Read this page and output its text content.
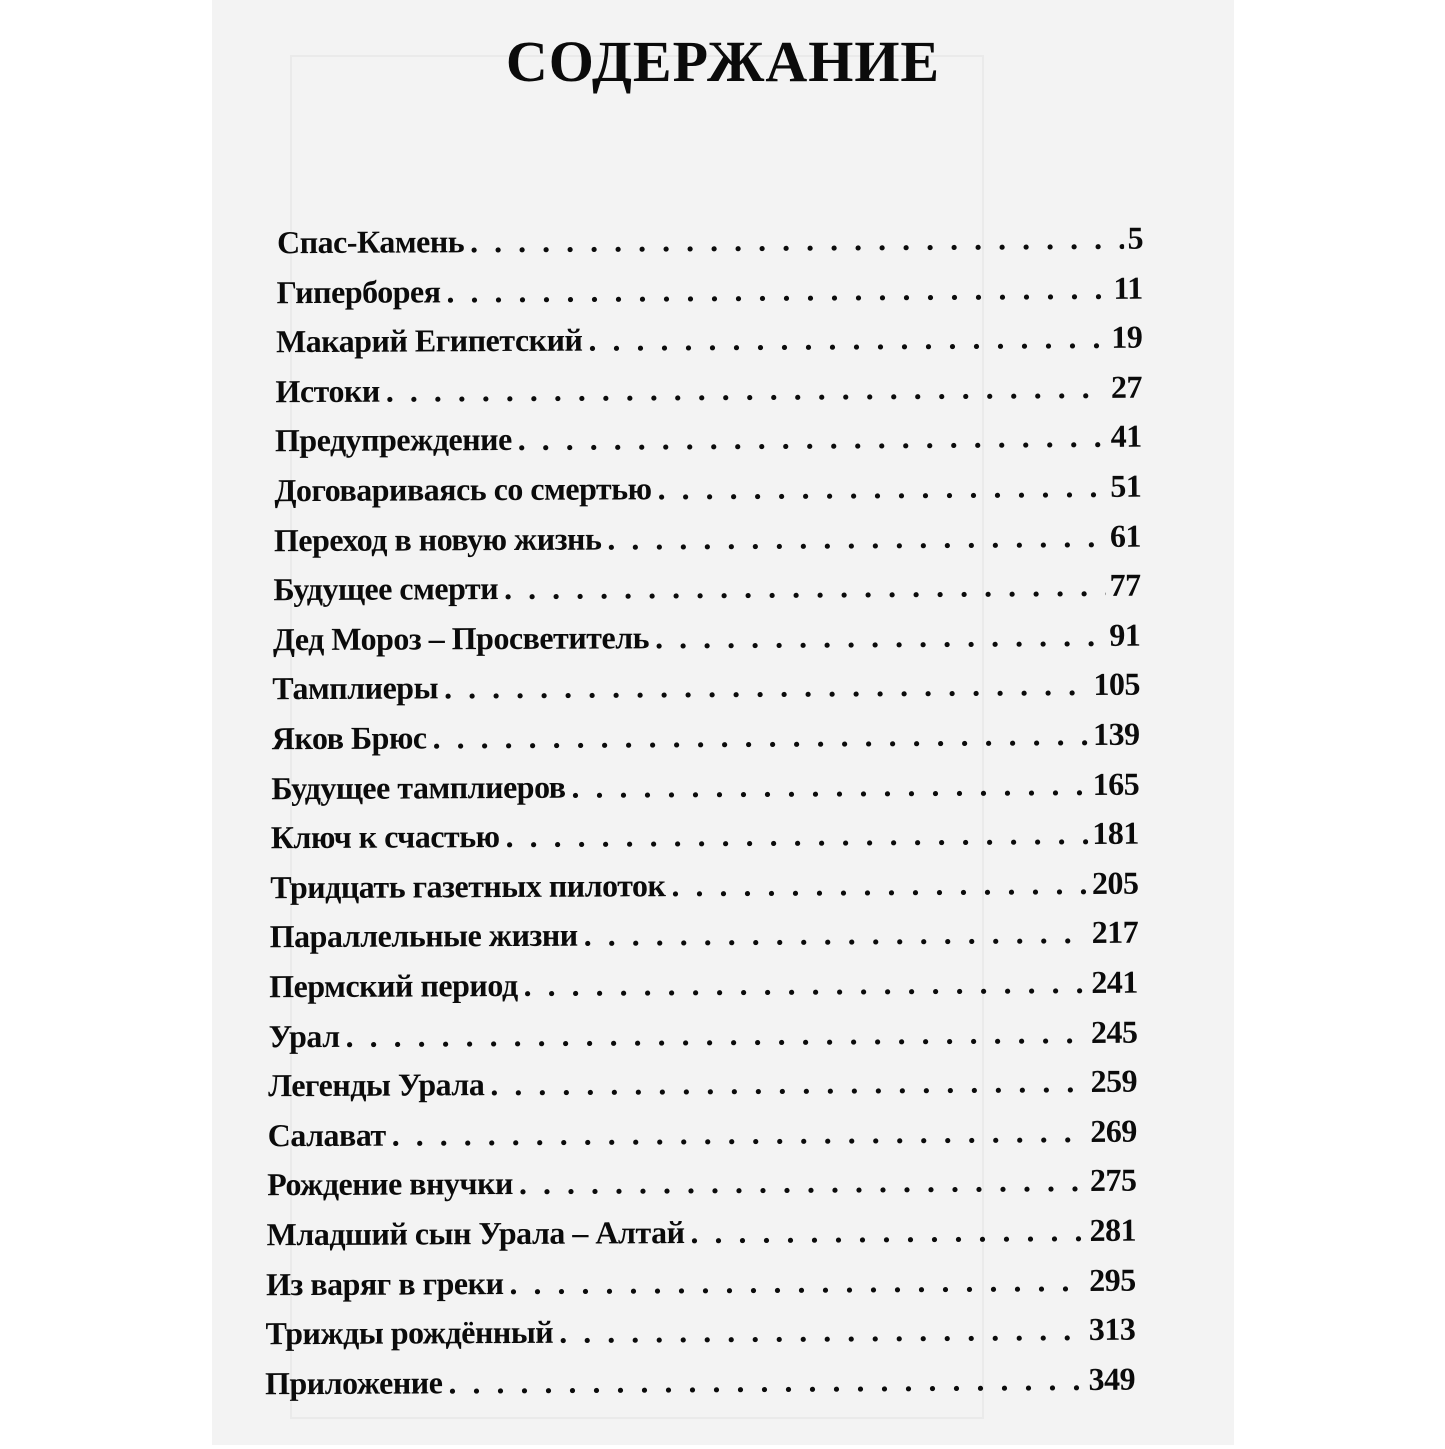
СОДЕРЖАНИЕ
Спас-Камень . . .	5
Гиперборея . . .	11
Макарий Египетский . . .	19
Истоки . . .	27
Предупреждение . . .	41
Договариваясь со смертью . . .	51
Переход в новую жизнь . . .	61
Будущее смерти . . .	77
Дед Мороз – Просветитель . . .	91
Тамплиеры . . .	105
Яков Брюс . . .	139
Будущее тамплиеров . . .	165
Ключ к счастью . . .	181
Тридцать газетных пилоток . . .	205
Параллельные жизни . . .	217
Пермский период . . .	241
Урал . . .	245
Легенды Урала . . .	259
Салават . . .	269
Рождение внучки . . .	275
Младший сын Урала – Алтай . . .	281
Из варяг в греки . . .	295
Трижды рождённый . . .	313
Приложение . . .	349
